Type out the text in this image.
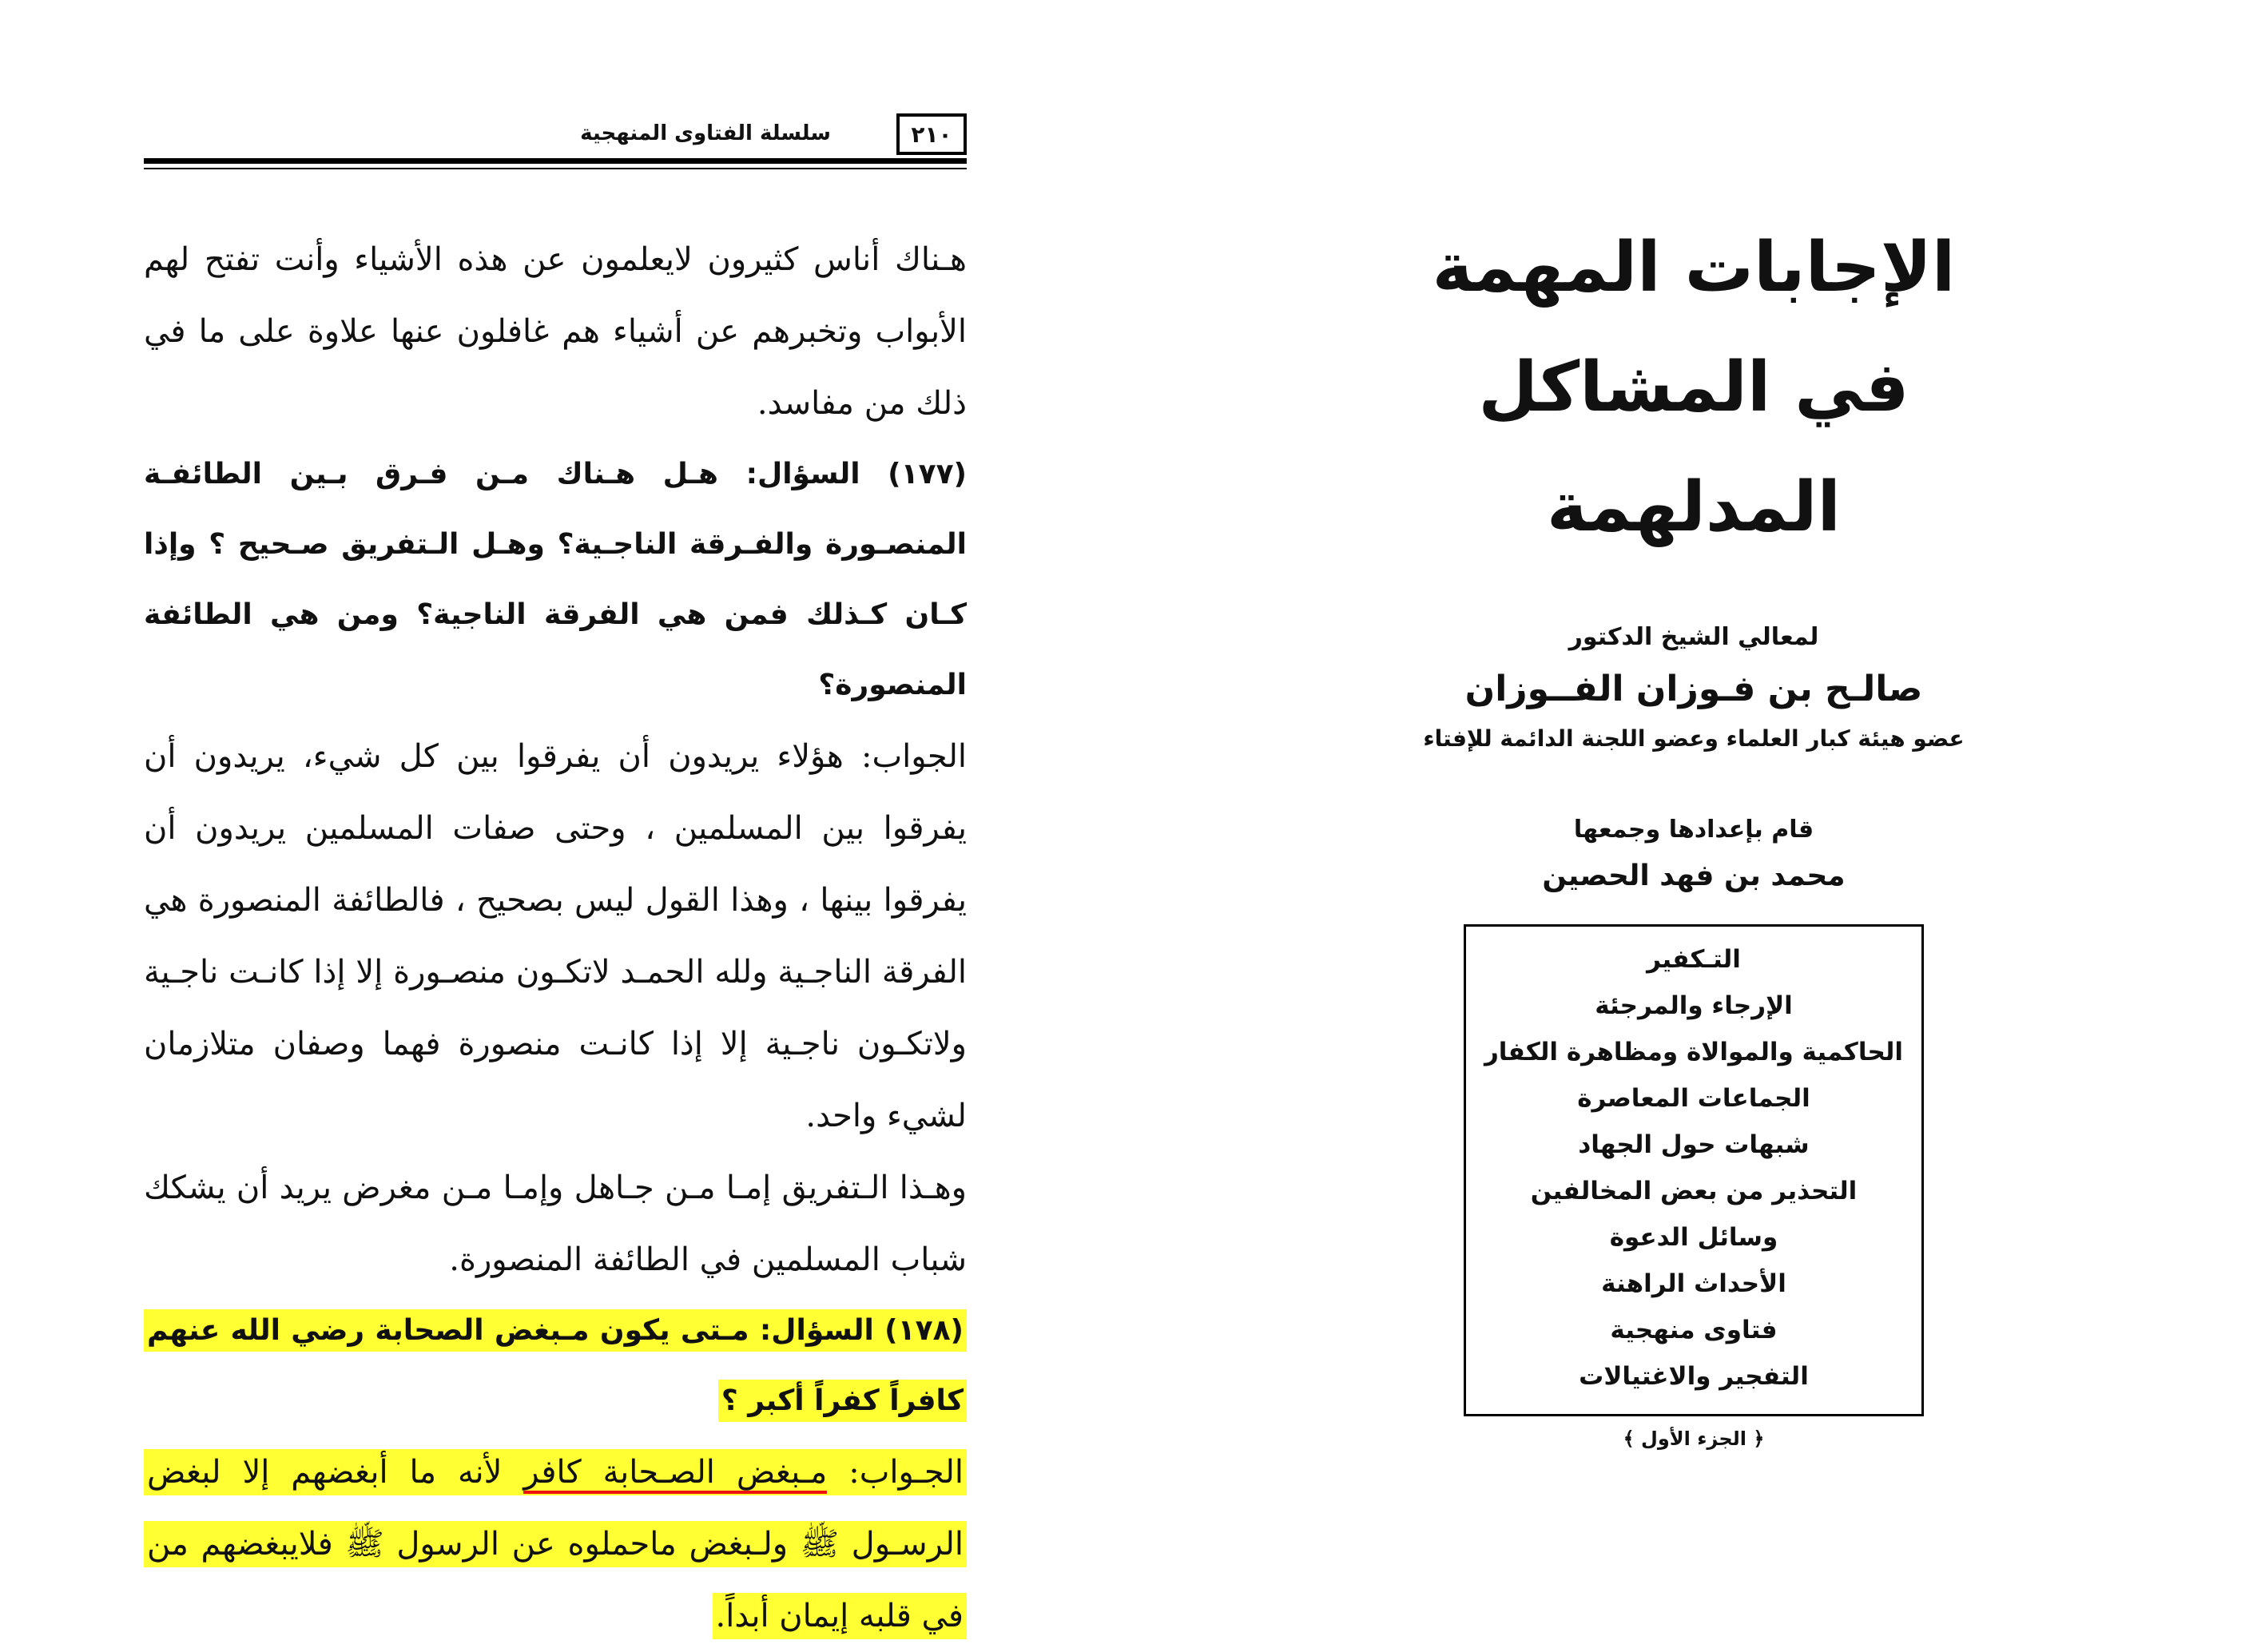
سلسلة الفتاوى المنهجية	٢١٠

هـناك أناس كثيرون لايعلمون عن هذه الأشياء وأنت تفتح لهم الأبواب وتخبرهم عن أشياء هم غافلون عنها علاوة على ما في ذلك من مفاسد.

(١٧٧) السؤال: هـل هـناك مـن فـرق بـين الطائفـة المنصـورة والفـرقة الناجـية؟ وهـل الـتفريق صـحيح ؟ وإذا كـان كـذلك فمن هي الفرقة الناجية؟ ومن هي الطائفة المنصورة؟

الجواب: هؤلاء يريدون أن يفرقوا بين كل شيء، يريدون أن يفرقوا بين المسلمين ، وحتى صفات المسلمين يريدون أن يفرقوا بينها ، وهذا القول ليس بصحيح ، فالطائفة المنصورة هي الفرقة الناجـية ولله الحمـد لاتكـون منصـورة إلا إذا كانـت ناجـية ولاتكـون ناجـية إلا إذا كانـت منصورة فهما وصفان متلازمان لشيء واحد.

وهـذا الـتفريق إمـا مـن جـاهل وإمـا مـن مغرض يريد أن يشكك شباب المسلمين في الطائفة المنصورة.

(١٧٨) السؤال: مـتى يكون مـبغض الصحابة رضي الله عنهم كافراً كفراً أكبر ؟

الجـواب: مـبغض الصـحابة كافر لأنه ما أبغضهم إلا لبغض الرسـول ﷺ ولـبغض ماحملوه عن الرسول ﷺ فلايبغضهم من في قلبه إيمان أبداً.

الإجابات المهمة

في المشاكل المدلهمة

لمعالي الشيخ الدكتور

صالـح بن فـوزان الفــوزان

عضو هيئة كبار العلماء وعضو اللجنة الدائمة للإفتاء

قام بإعدادها وجمعها

محمد بن فهد الحصين

التـكفير
الإرجاء والمرجئة
الحاكمية والموالاة ومظاهرة الكفار
الجماعات المعاصرة
شبهات حول الجهاد
التحذير من بعض المخالفين
وسائل الدعوة
الأحداث الراهنة
فتاوى منهجية
التفجير والاغتيالات
﴿ الجزء الأول ﴾
